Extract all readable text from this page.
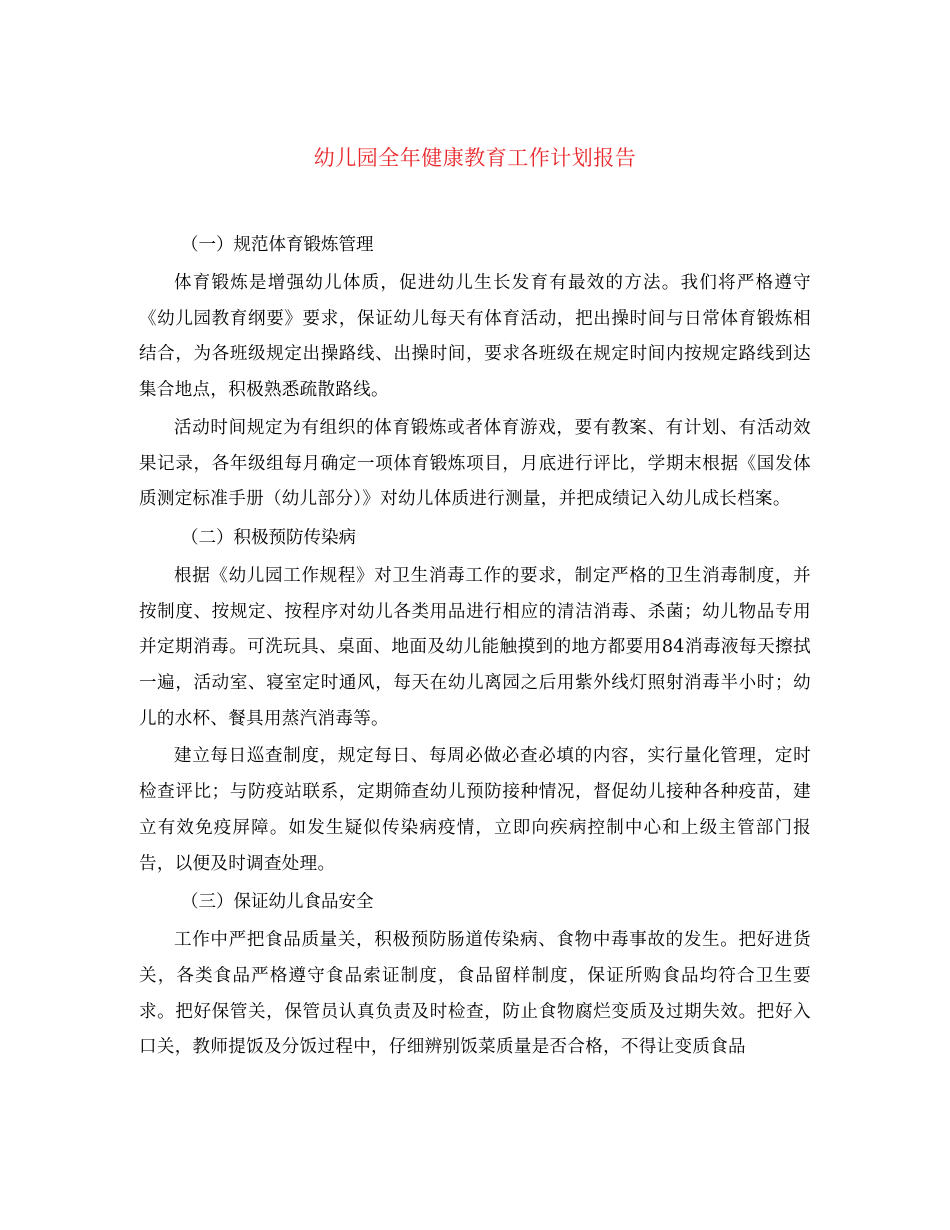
幼儿园全年健康教育工作计划报告

（一）规范体育锻炼管理

体育锻炼是增强幼儿体质，促进幼儿生长发育有最效的方法。我们将严格遵守《幼儿园教育纲要》要求，保证幼儿每天有体育活动，把出操时间与日常体育锻炼相结合，为各班级规定出操路线、出操时间，要求各班级在规定时间内按规定路线到达集合地点，积极熟悉疏散路线。

活动时间规定为有组织的体育锻炼或者体育游戏，要有教案、有计划、有活动效果记录，各年级组每月确定一项体育锻炼项目，月底进行评比，学期末根据《国发体质测定标准手册（幼儿部分）》对幼儿体质进行测量，并把成绩记入幼儿成长档案。

（二）积极预防传染病

根据《幼儿园工作规程》对卫生消毒工作的要求，制定严格的卫生消毒制度，并按制度、按规定、按程序对幼儿各类用品进行相应的清洁消毒、杀菌；幼儿物品专用并定期消毒。可洗玩具、桌面、地面及幼儿能触摸到的地方都要用84消毒液每天擦拭一遍，活动室、寝室定时通风，每天在幼儿离园之后用紫外线灯照射消毒半小时；幼儿的水杯、餐具用蒸汽消毒等。

建立每日巡查制度，规定每日、每周必做必查必填的内容，实行量化管理，定时检查评比；与防疫站联系，定期筛查幼儿预防接种情况，督促幼儿接种各种疫苗，建立有效免疫屏障。如发生疑似传染病疫情，立即向疾病控制中心和上级主管部门报告，以便及时调查处理。

（三）保证幼儿食品安全

工作中严把食品质量关，积极预防肠道传染病、食物中毒事故的发生。把好进货关，各类食品严格遵守食品索证制度，食品留样制度，保证所购食品均符合卫生要求。把好保管关，保管员认真负责及时检查，防止食物腐烂变质及过期失效。把好入口关，教师提饭及分饭过程中，仔细辨别饭菜质量是否合格，不得让变质食品
